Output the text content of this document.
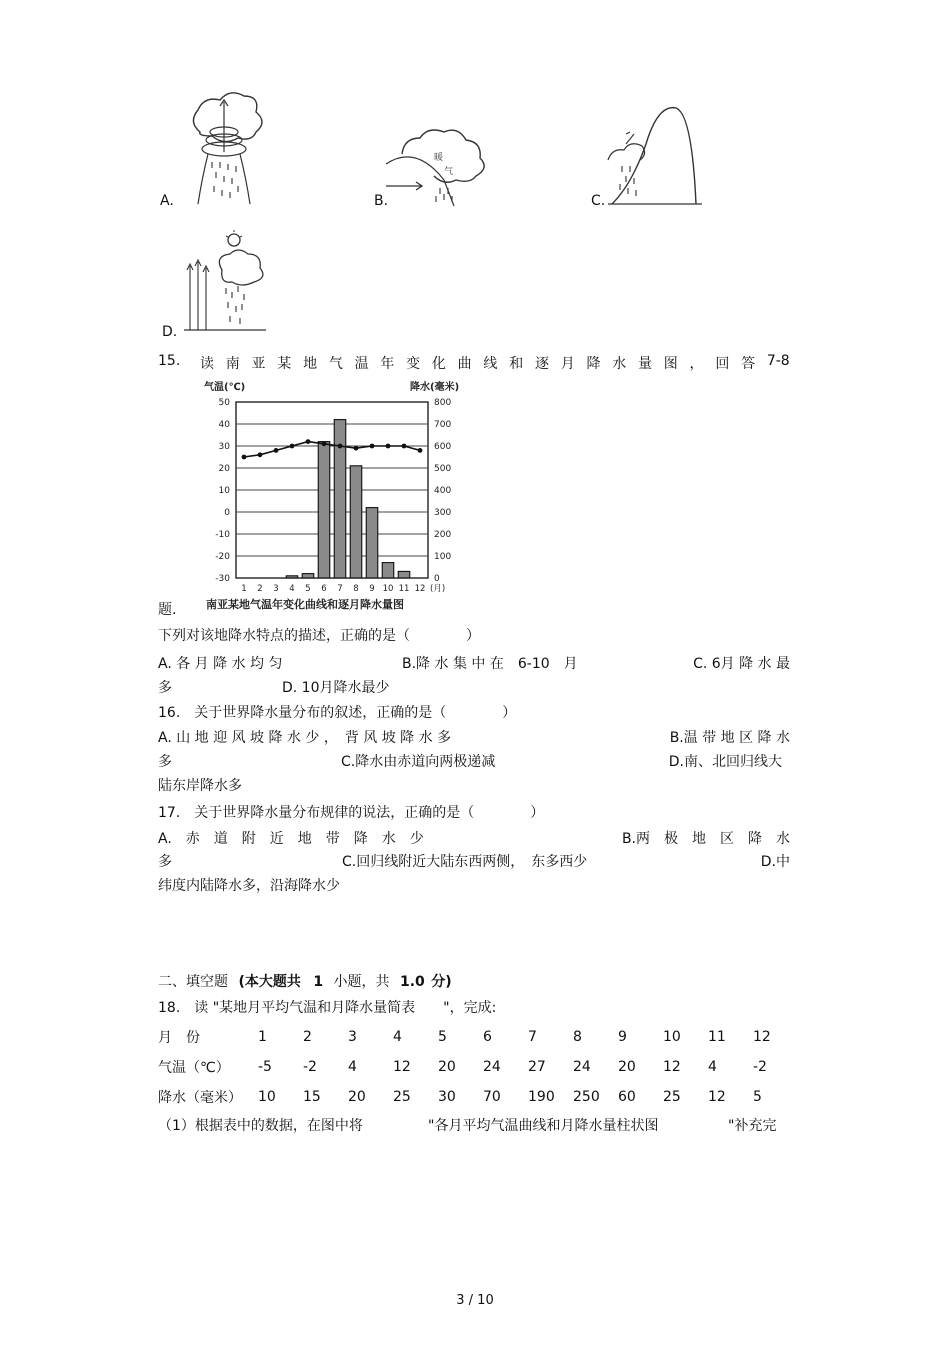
A.
暖
气
B.	C.
D.
15. 读 南 亚 某 地 气 温 年 变 化 曲 线 和 逐 月 降 水 量 图 ， 回 答 7-8
气温(℃)	降水(毫米)
50
40
30
20
10
0
-10
-20
-30
800
700
600
500
400
300
200
100
0
1 2 3 4 5 6 7 8 9 10 11 12 (月)
南亚某地气温年变化曲线和逐月降水量图
题.
下列对该地降水特点的描述，正确的是（　　　　）
A. 各 月 降 水 均 匀	B.降 水 集 中 在　6-10　月	C. 6月 降 水 最
多	D. 10月降水最少
16.　关于世界降水量分布的叙述，正确的是（　　　　）
A. 山 地 迎 风 坡 降 水 少 ，　背 风 坡 降 水 多	B.温 带 地 区 降 水
多	C.降水由赤道向两极递减	D.南、北回归线大
陆东岸降水多
17.　关于世界降水量分布规律的说法，正确的是（　　　　）
A.　赤　道　附　近　地　带　降　水　少	B.两　极　地　区　降　水
多	C.回归线附近大陆东西两侧，　东多西少	D.中
纬度内陆降水多，沿海降水少
二、填空题 (本大题共 1 小题，共 1.0 分)
18.　读 "某地月平均气温和月降水量简表　　"，完成:
月　份	1	2	3	4	5	6	7	8	9	10	11	12
气温（℃）	-5	-2	4	12	20	24	27	24	20	12	4	-2
降水（毫米）	10	15	20	25	30	70	190	250	60	25	12	5
（1）根据表中的数据，在图中将	"各月平均气温曲线和月降水量柱状图	"补充完
3 / 10
